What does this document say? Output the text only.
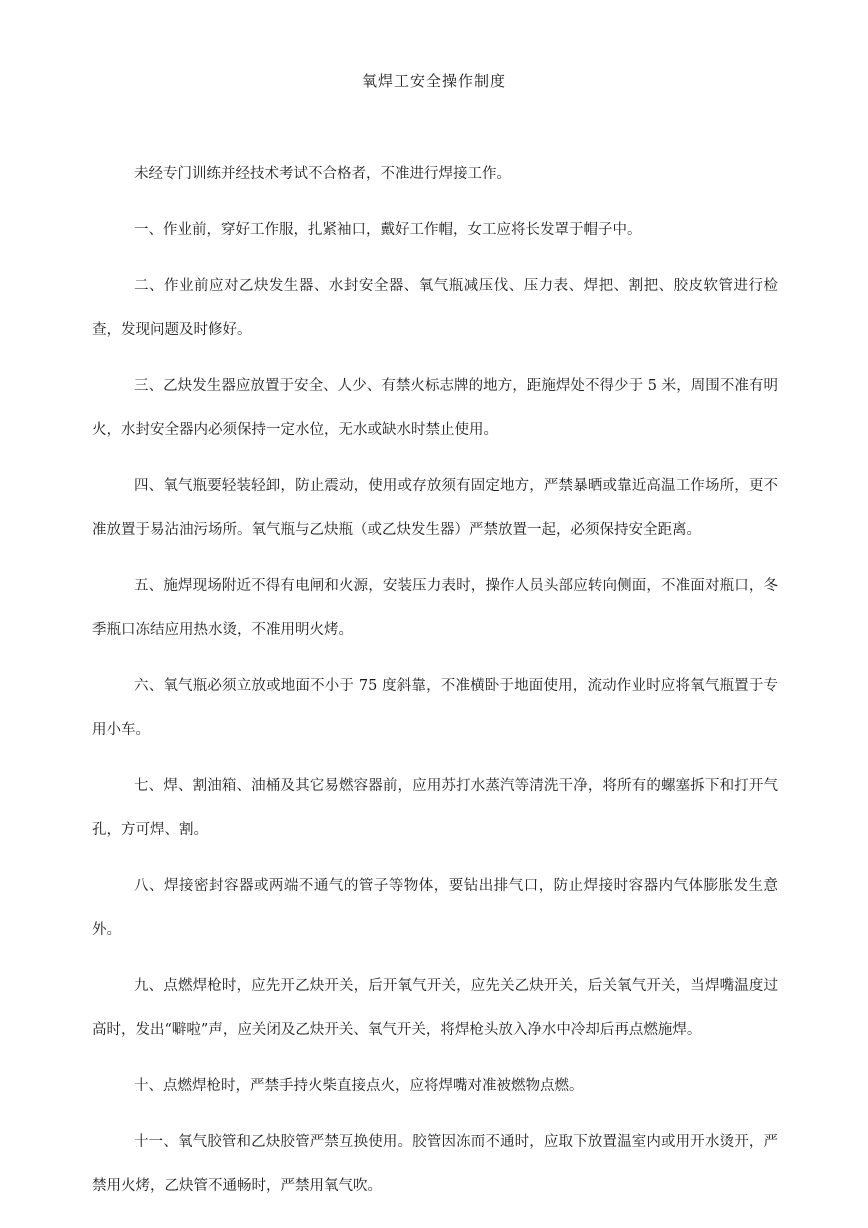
氧焊工安全操作制度

未经专门训练并经技术考试不合格者，不准进行焊接工作。

一、作业前，穿好工作服，扎紧袖口，戴好工作帽，女工应将长发罩于帽子中。

二、作业前应对乙炔发生器、水封安全器、氧气瓶减压伐、压力表、焊把、割把、胶皮软管进行检查，发现问题及时修好。

三、乙炔发生器应放置于安全、人少、有禁火标志牌的地方，距施焊处不得少于 5 米，周围不准有明火，水封安全器内必须保持一定水位，无水或缺水时禁止使用。

四、氧气瓶要轻装轻卸，防止震动，使用或存放须有固定地方，严禁暴晒或靠近高温工作场所，更不准放置于易沾油污场所。氧气瓶与乙炔瓶（或乙炔发生器）严禁放置一起，必须保持安全距离。

五、施焊现场附近不得有电闸和火源，安装压力表时，操作人员头部应转向侧面，不准面对瓶口，冬季瓶口冻结应用热水烫，不准用明火烤。

六、氧气瓶必须立放或地面不小于 75 度斜靠，不准横卧于地面使用，流动作业时应将氧气瓶置于专用小车。

七、焊、割油箱、油桶及其它易燃容器前，应用苏打水蒸汽等清洗干净，将所有的螺塞拆下和打开气孔，方可焊、割。

八、焊接密封容器或两端不通气的管子等物体，要钻出排气口，防止焊接时容器内气体膨胀发生意外。

九、点燃焊枪时，应先开乙炔开关，后开氧气开关，应先关乙炔开关，后关氧气开关，当焊嘴温度过高时，发出“噼啦”声，应关闭及乙炔开关、氧气开关，将焊枪头放入净水中冷却后再点燃施焊。

十、点燃焊枪时，严禁手持火柴直接点火，应将焊嘴对准被燃物点燃。

十一、氧气胶管和乙炔胶管严禁互换使用。胶管因冻而不通时，应取下放置温室内或用开水烫开，严禁用火烤，乙炔管不通畅时，严禁用氧气吹。
